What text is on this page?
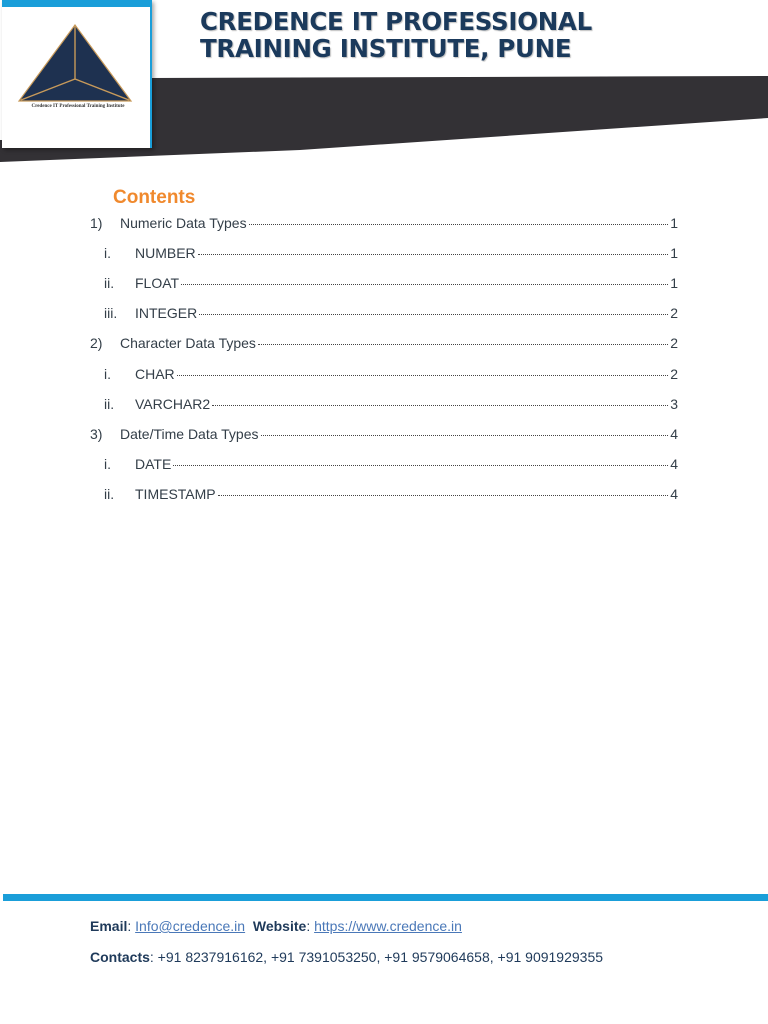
Credence IT Professional Training Institute
CREDENCE IT PROFESSIONAL
TRAINING INSTITUTE, PUNE
Contents
1)	Numeric Data Types	1
i.	NUMBER	1
ii.	FLOAT	1
iii.	INTEGER	2
2)	Character Data Types	2
i.	CHAR	2
ii.	VARCHAR2	3
3)	Date/Time Data Types	4
i.	DATE	4
ii.	TIMESTAMP	4

Email: Info@credence.in Website: https://www.credence.in

Contacts: +91 8237916162, +91 7391053250, +91 9579064658, +91 9091929355
